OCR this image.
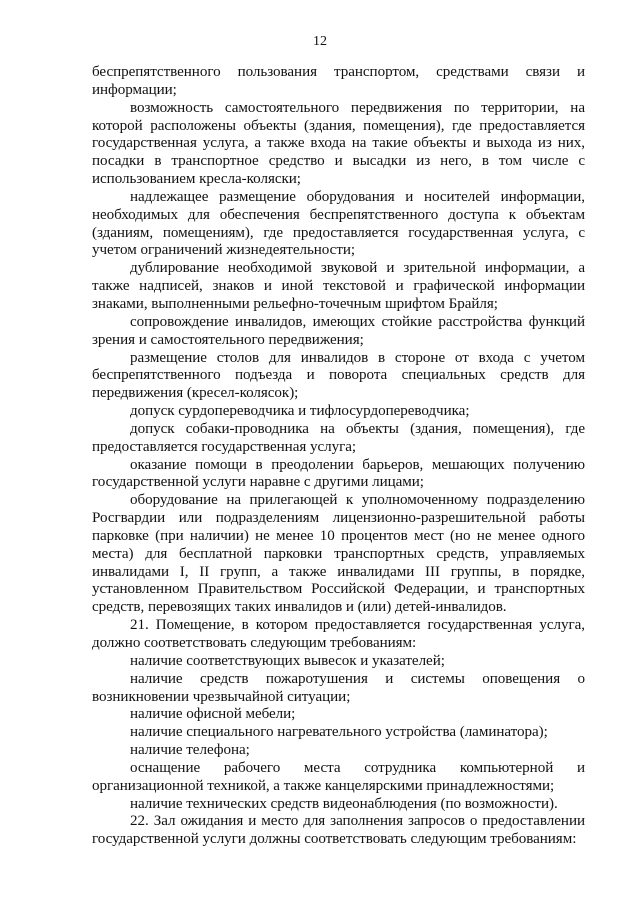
12

беспрепятственного пользования транспортом, средствами связи и информации;

возможность самостоятельного передвижения по территории, на которой расположены объекты (здания, помещения), где предоставляется государственная услуга, а также входа на такие объекты и выхода из них, посадки в транспортное средство и высадки из него, в том числе с использованием кресла-коляски;

надлежащее размещение оборудования и носителей информации, необходимых для обеспечения беспрепятственного доступа к объектам (зданиям, помещениям), где предоставляется государственная услуга, с учетом ограничений жизнедеятельности;

дублирование необходимой звуковой и зрительной информации, а также надписей, знаков и иной текстовой и графической информации знаками, выполненными рельефно-точечным шрифтом Брайля;

сопровождение инвалидов, имеющих стойкие расстройства функций зрения и самостоятельного передвижения;

размещение столов для инвалидов в стороне от входа с учетом беспрепятственного подъезда и поворота специальных средств для передвижения (кресел-колясок);

допуск сурдопереводчика и тифлосурдопереводчика;

допуск собаки-проводника на объекты (здания, помещения), где предоставляется государственная услуга;

оказание помощи в преодолении барьеров, мешающих получению государственной услуги наравне с другими лицами;

оборудование на прилегающей к уполномоченному подразделению Росгвардии или подразделениям лицензионно-разрешительной работы парковке (при наличии) не менее 10 процентов мест (но не менее одного места) для бесплатной парковки транспортных средств, управляемых инвалидами I, II групп, а также инвалидами III группы, в порядке, установленном Правительством Российской Федерации, и транспортных средств, перевозящих таких инвалидов и (или) детей-инвалидов.

21. Помещение, в котором предоставляется государственная услуга, должно соответствовать следующим требованиям:

наличие соответствующих вывесок и указателей;

наличие средств пожаротушения и системы оповещения о возникновении чрезвычайной ситуации;

наличие офисной мебели;

наличие специального нагревательного устройства (ламинатора);

наличие телефона;

оснащение рабочего места сотрудника компьютерной и организационной техникой, а также канцелярскими принадлежностями;

наличие технических средств видеонаблюдения (по возможности).

22. Зал ожидания и место для заполнения запросов о предоставлении государственной услуги должны соответствовать следующим требованиям:
